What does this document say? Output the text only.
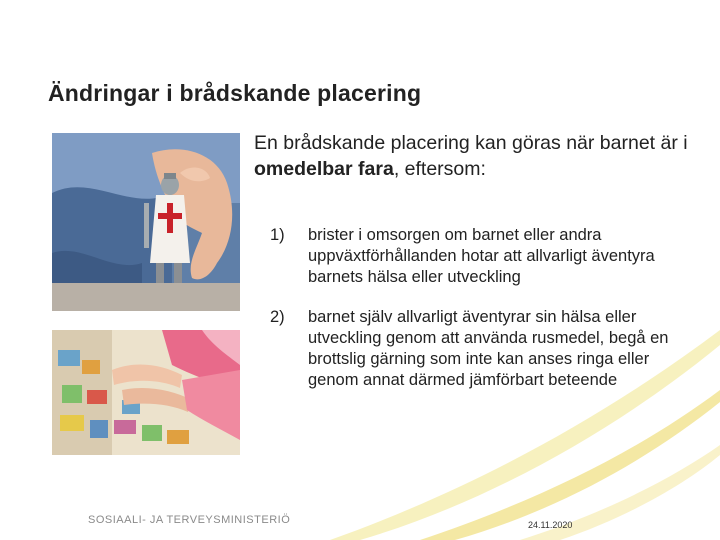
Ändringar i brådskande placering
En brådskande placering kan göras när barnet är i omedelbar fara, eftersom:
1)	brister i omsorgen om barnet eller andra uppväxtförhållanden hotar att allvarligt äventyra barnets hälsa eller utveckling
2)	barnet själv allvarligt äventyrar sin hälsa eller utveckling genom att använda rusmedel, begå en brottslig gärning som inte kan anses ringa eller genom annat därmed jämförbart beteende
SOSIAALI- JA TERVEYSMINISTERIÖ	24.11.2020
